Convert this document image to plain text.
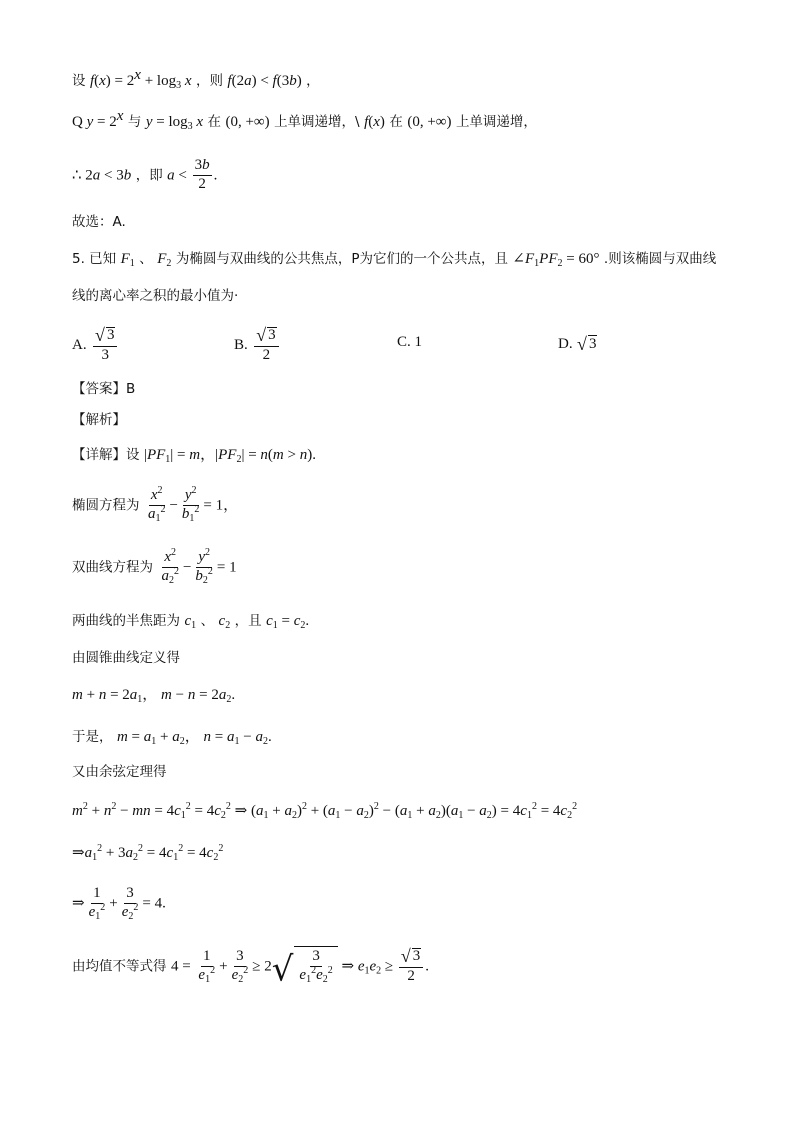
设 $f(x) = 2^x + \log_3 x$ ，则 f(2a) < f(3b) ，
Q $y = 2^x$ 与 $y = \log_3 x$ 在 (0, +∞) 上单调递增，\ f(x) 在 (0, +∞) 上单调递增，
∴ 2a < 3b ，即 $a < \frac{3b}{2}$ .
故选：A.
5. 已知 $F_1$ 、 $F_2$ 为椭圆与双曲线的公共焦点，P为它们的一个公共点，且 $\angle F_1PF_2 = 60^\circ$ .则该椭圆与双曲线
线的离心率之积的最小值为·
A. $\frac{√ 3}{3}$	B. $\frac{√ 3}{2}$	C. 1	D. √ 3
【答案】B
【解析】
【详解】设 $|PF_1| = m$，$|PF_2| = n(m > n)$.
椭圆方程为 $\frac{x^2}{a_1^2} - \frac{y^2}{b_1^2} = 1$，
双曲线方程为 $\frac{x^2}{a_2^2} - \frac{y^2}{b_2^2} = 1$
两曲线的半焦距为 $c_1$ 、 $c_2$ ，且 $c_1 = c_2$.
由圆锥曲线定义得
$m + n = 2a_1$， $m - n = 2a_2$.
于是， $m = a_1 + a_2$， $n = a_1 - a_2$.
又由余弦定理得
$m^2 + n^2$ − mn = $4c_1^2 = 4c_2^2$ ⇒ $(a_1 + a_2)^2 + (a_1 - a_2)^2 - (a_1 + a_2)(a_1 - a_2) = 4c_1^2 = 4c_2^2$
$\Rightarrow a_1^2 + 3a_2^2 = 4c_1^2 = 4c_2^2$
⇒ $\frac{1}{e_1^2} + \frac{3}{e_2^2} = 4$.
由均值不等式得 $4 = \frac{1}{e_1^2} + \frac{3}{e_2^2} \ge 2√ \frac{3}{e_1^2e_2^2}$ ⇒ $e_1e_2 \ge \frac{√ 3}{2}$ .
